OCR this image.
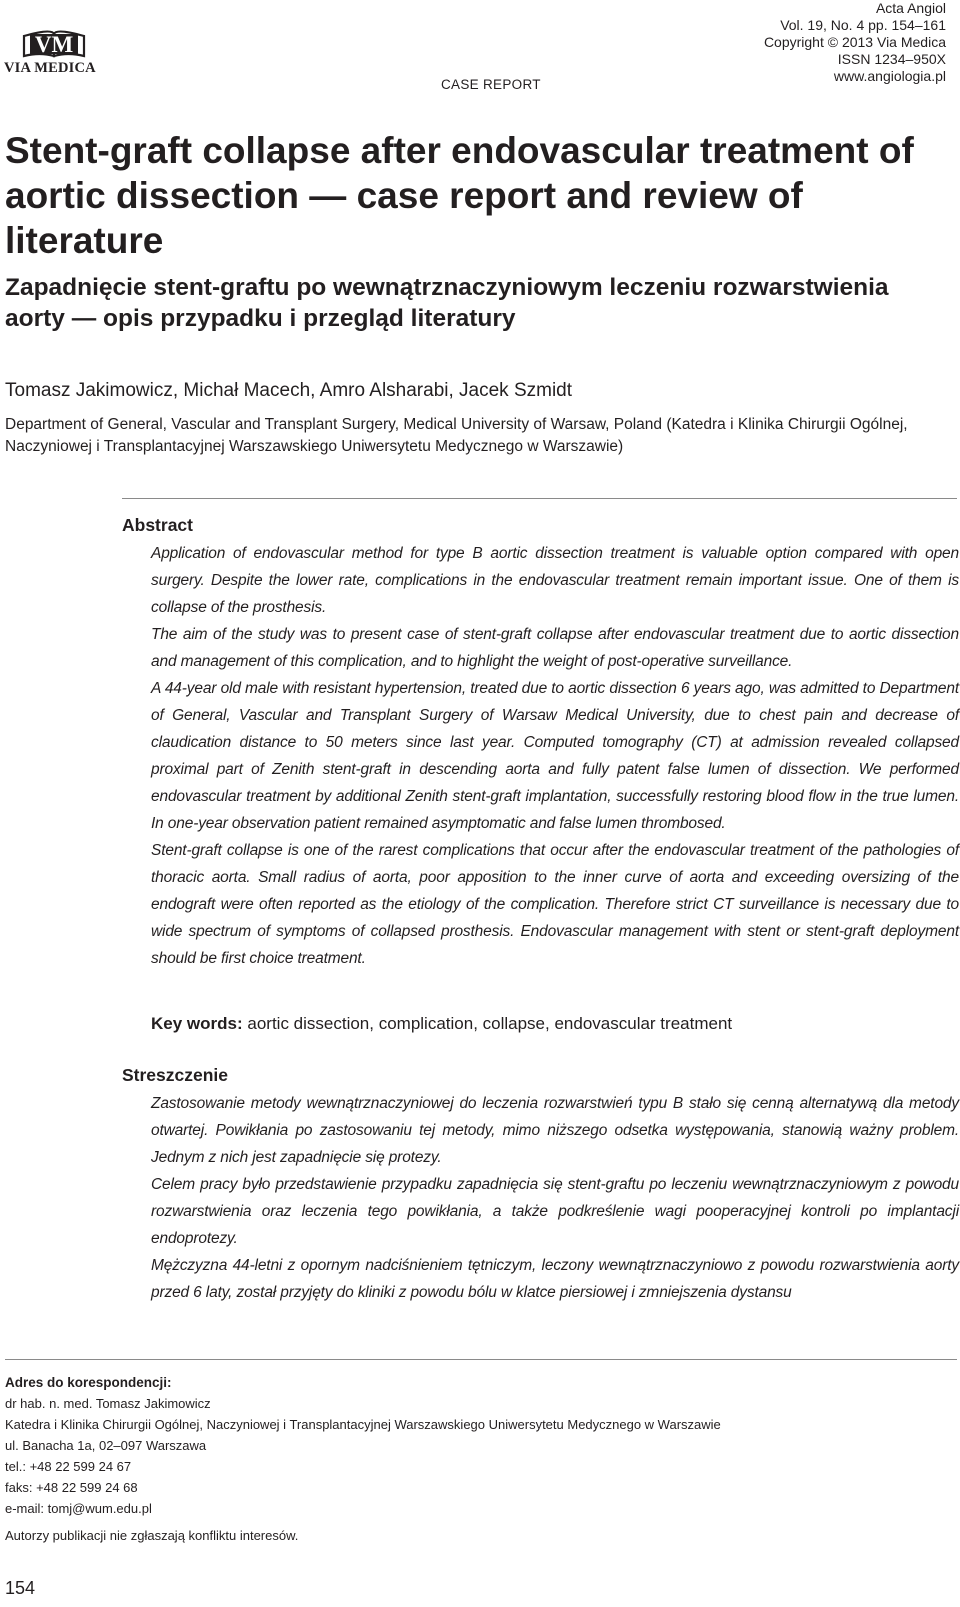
VM
VIA MEDICA
CASE REPORT
Acta Angiol
Vol. 19, No. 4 pp. 154–161
Copyright © 2013 Via Medica
ISSN 1234–950X
www.angiologia.pl
Stent-graft collapse after endovascular treatment of aortic dissection — case report and review of literature
Zapadnięcie stent-graftu po wewnątrznaczyniowym leczeniu rozwarstwienia aorty — opis przypadku i przegląd literatury
Tomasz Jakimowicz, Michał Macech, Amro Alsharabi, Jacek Szmidt
Department of General, Vascular and Transplant Surgery, Medical University of Warsaw, Poland (Katedra i Klinika Chirurgii Ogólnej, Naczyniowej i Transplantacyjnej Warszawskiego Uniwersytetu Medycznego w Warszawie)
Abstract

Application of endovascular method for type B aortic dissection treatment is valuable option compared with open surgery. Despite the lower rate, complications in the endovascular treatment remain important issue. One of them is collapse of the prosthesis.

The aim of the study was to present case of stent-graft collapse after endovascular treatment due to aortic dissection and management of this complication, and to highlight the weight of post-operative surveillance.

A 44-year old male with resistant hypertension, treated due to aortic dissection 6 years ago, was admitted to Department of General, Vascular and Transplant Surgery of Warsaw Medical University, due to chest pain and decrease of claudication distance to 50 meters since last year. Computed tomography (CT) at admission revealed collapsed proximal part of Zenith stent-graft in descending aorta and fully patent false lumen of dissection. We performed endovascular treatment by additional Zenith stent-graft implantation, successfully restoring blood flow in the true lumen. In one-year observation patient remained asymptomatic and false lumen thrombosed.

Stent-graft collapse is one of the rarest complications that occur after the endovascular treatment of the pathologies of thoracic aorta. Small radius of aorta, poor apposition to the inner curve of aorta and exceeding oversizing of the endograft were often reported as the etiology of the complication. Therefore strict CT surveillance is necessary due to wide spectrum of symptoms of collapsed prosthesis. Endovascular management with stent or stent-graft deployment should be first choice treatment.

Key words: aortic dissection, complication, collapse, endovascular treatment
Streszczenie

Zastosowanie metody wewnątrznaczyniowej do leczenia rozwarstwień typu B stało się cenną alternatywą dla metody otwartej. Powikłania po zastosowaniu tej metody, mimo niższego odsetka występowania, stanowią ważny problem. Jednym z nich jest zapadnięcie się protezy.

Celem pracy było przedstawienie przypadku zapadnięcia się stent-graftu po leczeniu wewnątrznaczyniowym z powodu rozwarstwienia oraz leczenia tego powikłania, a także podkreślenie wagi pooperacyjnej kontroli po implantacji endoprotezy.

Mężczyzna 44-letni z opornym nadciśnieniem tętniczym, leczony wewnątrznaczyniowo z powodu rozwarstwienia aorty przed 6 laty, został przyjęty do kliniki z powodu bólu w klatce piersiowej i zmniejszenia dystansu

Adres do korespondencji:
dr hab. n. med. Tomasz Jakimowicz
Katedra i Klinika Chirurgii Ogólnej, Naczyniowej i Transplantacyjnej Warszawskiego Uniwersytetu Medycznego w Warszawie
ul. Banacha 1a, 02–097 Warszawa
tel.: +48 22 599 24 67
faks: +48 22 599 24 68
e-mail: tomj@wum.edu.pl
Autorzy publikacji nie zgłaszają konfliktu interesów.
154
